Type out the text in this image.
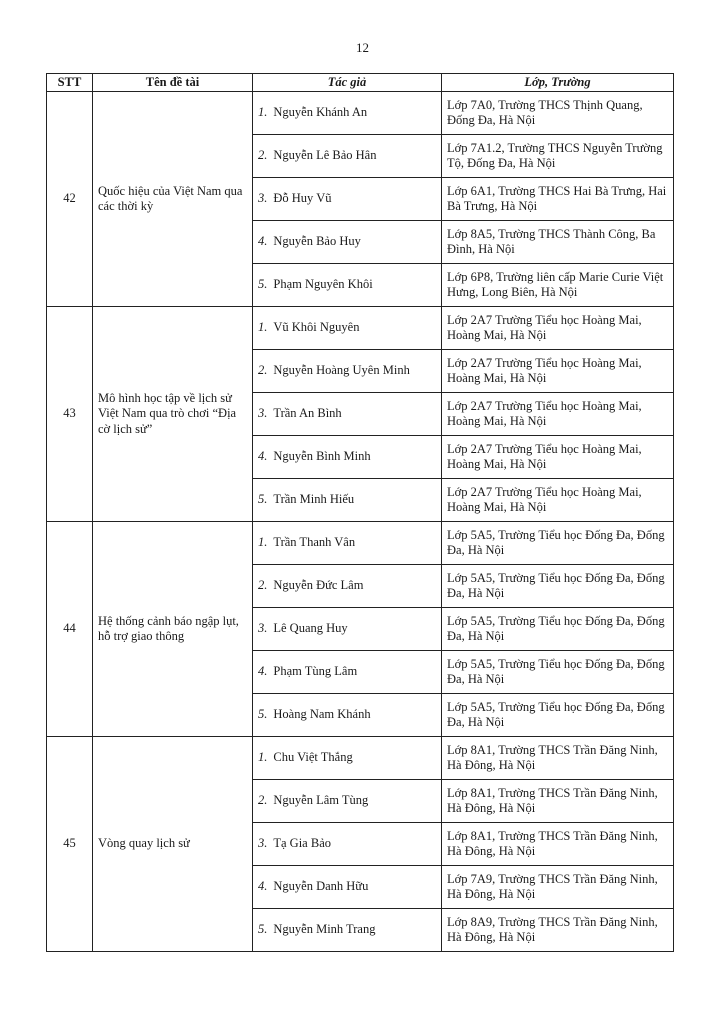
12
STT	Tên đề tài	Tác giả	Lớp, Trường
42	Quốc hiệu của Việt Nam qua các thời kỳ	1. Nguyễn Khánh An	Lớp 7A0, Trường THCS Thịnh Quang, Đống Đa, Hà Nội
		2. Nguyễn Lê Bảo Hân	Lớp 7A1.2, Trường THCS Nguyễn Trường Tộ, Đống Đa, Hà Nội
		3. Đỗ Huy Vũ	Lớp 6A1, Trường THCS Hai Bà Trưng, Hai Bà Trưng, Hà Nội
		4. Nguyễn Bảo Huy	Lớp 8A5, Trường THCS Thành Công, Ba Đình, Hà Nội
		5. Phạm Nguyên Khôi	Lớp 6P8, Trường liên cấp Marie Curie Việt Hưng, Long Biên, Hà Nội
43	Mô hình học tập về lịch sử Việt Nam qua trò chơi “Địa cờ lịch sử”	1. Vũ Khôi Nguyên	Lớp 2A7 Trường Tiểu học Hoàng Mai, Hoàng Mai, Hà Nội
		2. Nguyễn Hoàng Uyên Minh	Lớp 2A7 Trường Tiểu học Hoàng Mai, Hoàng Mai, Hà Nội
		3. Trần An Bình	Lớp 2A7 Trường Tiểu học Hoàng Mai, Hoàng Mai, Hà Nội
		4. Nguyễn Bình Minh	Lớp 2A7 Trường Tiểu học Hoàng Mai, Hoàng Mai, Hà Nội
		5. Trần Minh Hiếu	Lớp 2A7 Trường Tiểu học Hoàng Mai, Hoàng Mai, Hà Nội
44	Hệ thống cảnh báo ngập lụt, hỗ trợ giao thông	1. Trần Thanh Vân	Lớp 5A5, Trường Tiểu học Đống Đa, Đống Đa, Hà Nội
		2. Nguyễn Đức Lâm	Lớp 5A5, Trường Tiểu học Đống Đa, Đống Đa, Hà Nội
		3. Lê Quang Huy	Lớp 5A5, Trường Tiểu học Đống Đa, Đống Đa, Hà Nội
		4. Phạm Tùng Lâm	Lớp 5A5, Trường Tiểu học Đống Đa, Đống Đa, Hà Nội
		5. Hoàng Nam Khánh	Lớp 5A5, Trường Tiểu học Đống Đa, Đống Đa, Hà Nội
45	Vòng quay lịch sử	1. Chu Việt Thắng	Lớp 8A1, Trường THCS Trần Đăng Ninh, Hà Đông, Hà Nội
		2. Nguyễn Lâm Tùng	Lớp 8A1, Trường THCS Trần Đăng Ninh, Hà Đông, Hà Nội
		3. Tạ Gia Bảo	Lớp 8A1, Trường THCS Trần Đăng Ninh, Hà Đông, Hà Nội
		4. Nguyễn Danh Hữu	Lớp 7A9, Trường THCS Trần Đăng Ninh, Hà Đông, Hà Nội
		5. Nguyễn Minh Trang	Lớp 8A9, Trường THCS Trần Đăng Ninh, Hà Đông, Hà Nội
